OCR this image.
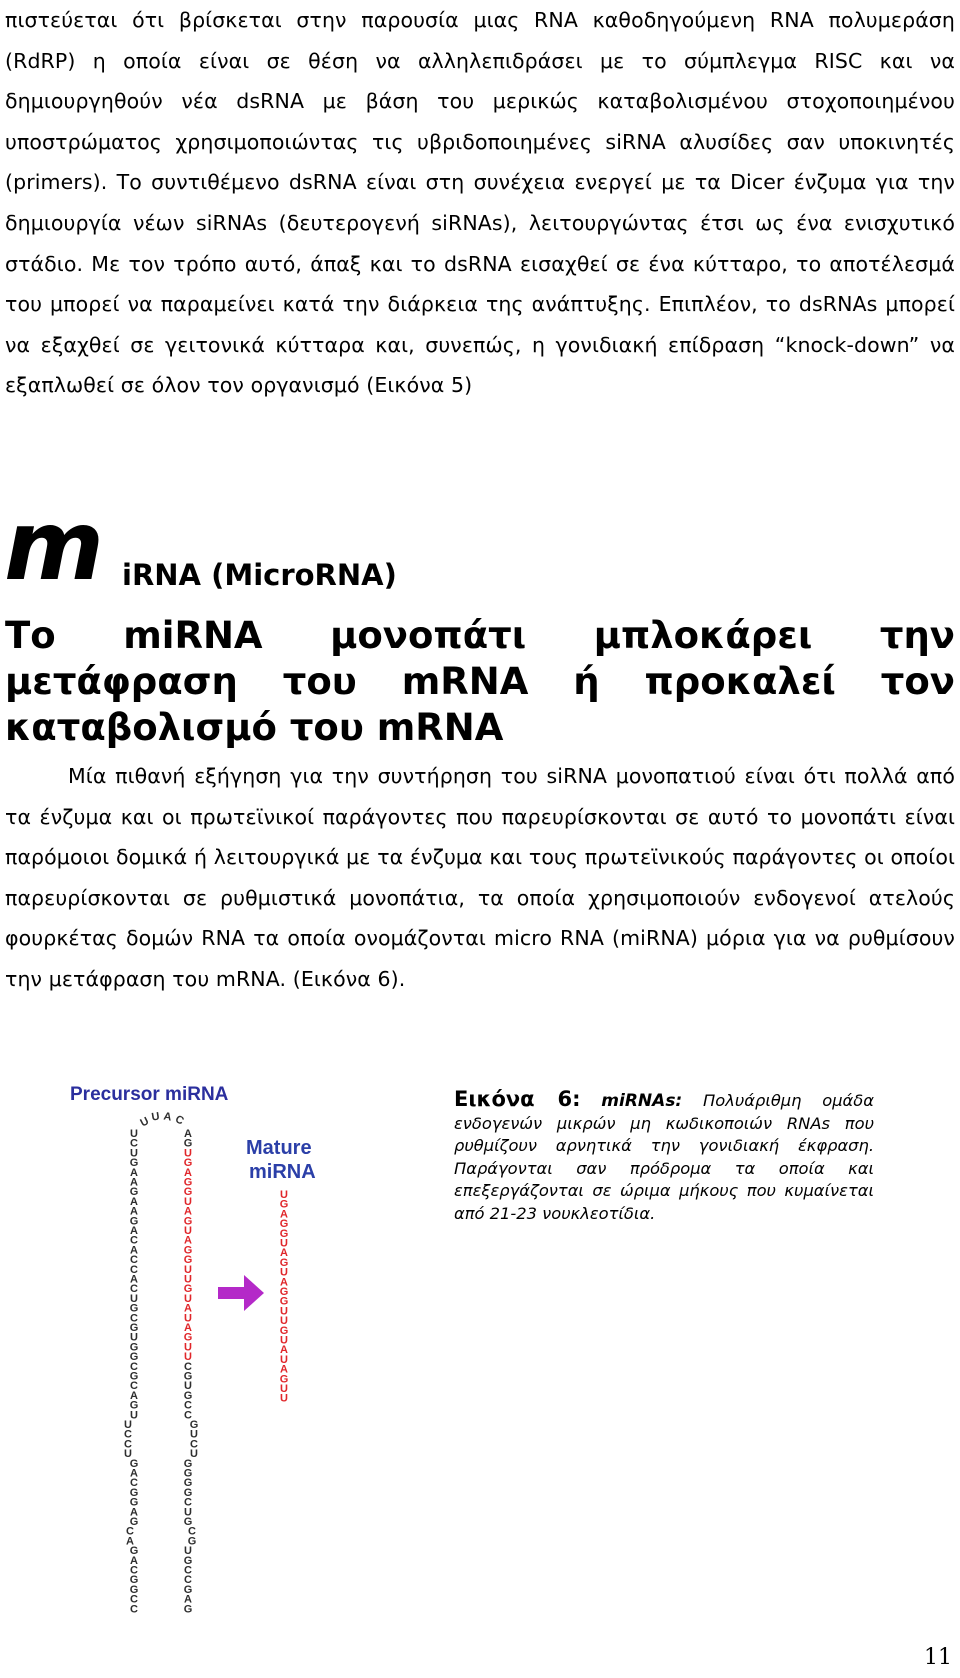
πιστεύεται ότι βρίσκεται στην παρουσία μιας RNA καθοδηγούμενη RNA πολυμεράση (RdRP) η οποία είναι σε θέση να αλληλεπιδράσει με το σύμπλεγμα RISC και να δημιουργηθούν νέα dsRNA με βάση του μερικώς καταβολισμένου στοχοποιημένου υποστρώματος χρησιμοποιώντας τις υβριδοποιημένες siRNA αλυσίδες σαν υποκινητές (primers). Το συντιθέμενο dsRNA είναι στη συνέχεια ενεργεί με τα Dicer ένζυμα για την δημιουργία νέων siRNAs (δευτερογενή siRNAs), λειτουργώντας έτσι ως ένα ενισχυτικό στάδιο. Με τον τρόπο αυτό, άπαξ και το dsRNA εισαχθεί σε ένα κύτταρο, το αποτέλεσμά του μπορεί να παραμείνει κατά την διάρκεια της ανάπτυξης. Επιπλέον, το dsRNAs μπορεί να εξαχθεί σε γειτονικά κύτταρα και, συνεπώς, η γονιδιακή επίδραση “knock-down” να εξαπλωθεί σε όλον τον οργανισμό (Εικόνα 5)

m iRNA (MicroRNA)

Το miRNA μονοπάτι μπλοκάρει την μετάφραση του mRNA ή προκαλεί τον καταβολισμό του mRNA

Μία πιθανή εξήγηση για την συντήρηση του siRNA μονοπατιού είναι ότι πολλά από τα ένζυμα και οι πρωτεϊνικοί παράγοντες που παρευρίσκονται σε αυτό το μονοπάτι είναι παρόμοιοι δομικά ή λειτουργικά με τα ένζυμα και τους πρωτεϊνικούς παράγοντες οι οποίοι παρευρίσκονται σε ρυθμιστικά μονοπάτια, τα οποία χρησιμοποιούν ενδογενοί ατελούς φουρκέτας δομών RNA τα οποία ονομάζονται micro RNA (miRNA) μόρια για να ρυθμίσουν την μετάφραση του mRNA. (Εικόνα 6).

Precursor miRNA
Mature
miRNA
U U A C
U
C
U
G
A
A
G
A
A
G
A
C
A
C
C
A
C
U
G
C
G
U
G
G
C
G
C
A
G
U
U
C
C
U
G
A
C
G
G
A
G
C
A
G
A
C
G
G
C
C
A
G
U
G
A
G
G
U
A
G
U
A
G
G
U
U
G
U
A
U
A
G
U
U
C
G
U
G
C
C
G
U
C
U
G
G
G
G
C
U
G
C
G
U
G
C
C
G
A
G
U
G
A
G
G
U
A
G
U
A
G
G
U
U
G
U
A
U
A
G
U
U

Εικόνα 6: miRNAs: Πολυάριθμη ομάδα ενδογενών μικρών μη κωδικοποιών RNAs που ρυθμίζουν αρνητικά την γονιδιακή έκφραση. Παράγονται σαν πρόδρομα τα οποία και επεξεργάζονται σε ώριμα μήκους που κυμαίνεται από 21-23 νουκλεοτίδια.

11
